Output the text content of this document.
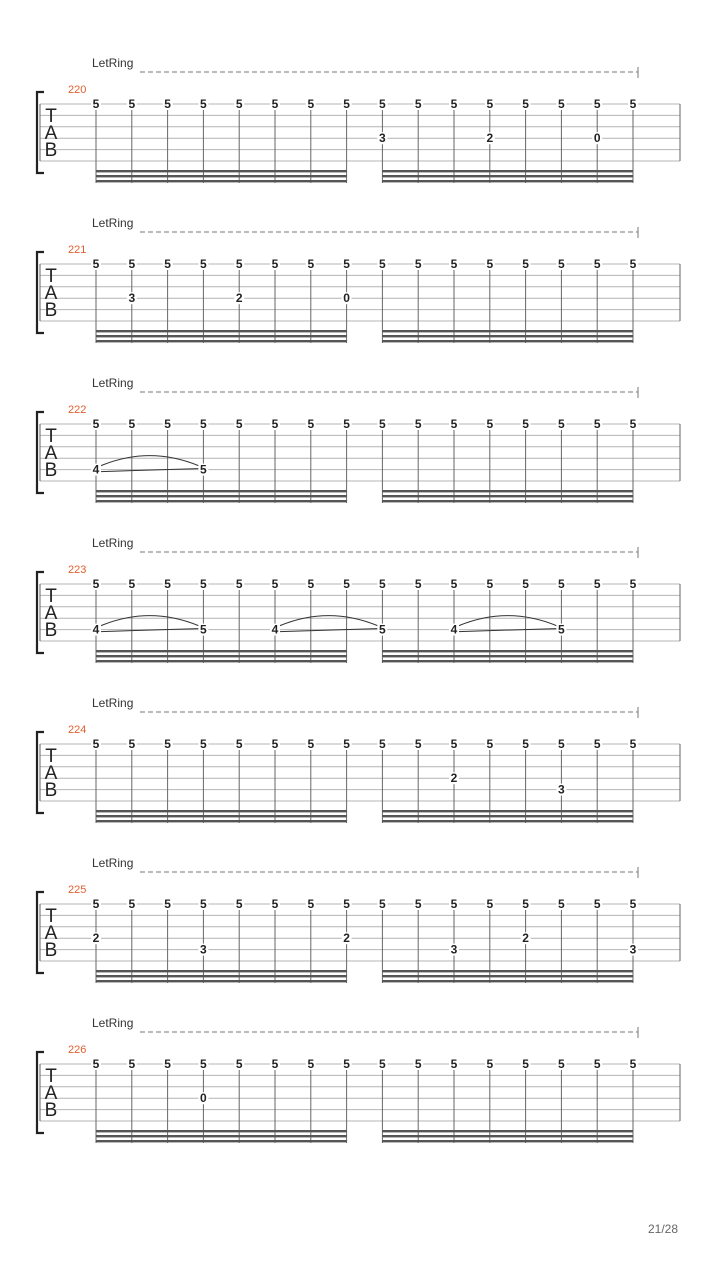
LetRing
220
T
A
B
5 5 5 5 5 5 5 5 5
3
5 5 5
2
5 5 5
0
5
LetRing
221
T
A
B
5 5
3
5 5 5
2
5 5 5
0
5 5 5 5 5 5 5 5
LetRing
222
T
A
B
5
4
5 5 5
5
5 5 5 5 5 5 5 5 5 5 5 5
LetRing
223
T
A
B
5
4
5 5 5
5
5 5
4
5 5 5
5
5 5
4
5 5 5
5
5 5
LetRing
224
T
A
B
5 5 5 5 5 5 5 5 5 5 5
2
5 5 5
3
5 5
LetRing
225
T
A
B
5
2
5 5 5
3
5 5 5 5
2
5 5 5
3
5 5
2
5 5 5
3
LetRing
226
T
A
B
5 5 5 5
0
5 5 5 5 5 5 5 5 5 5 5 5
21/28
